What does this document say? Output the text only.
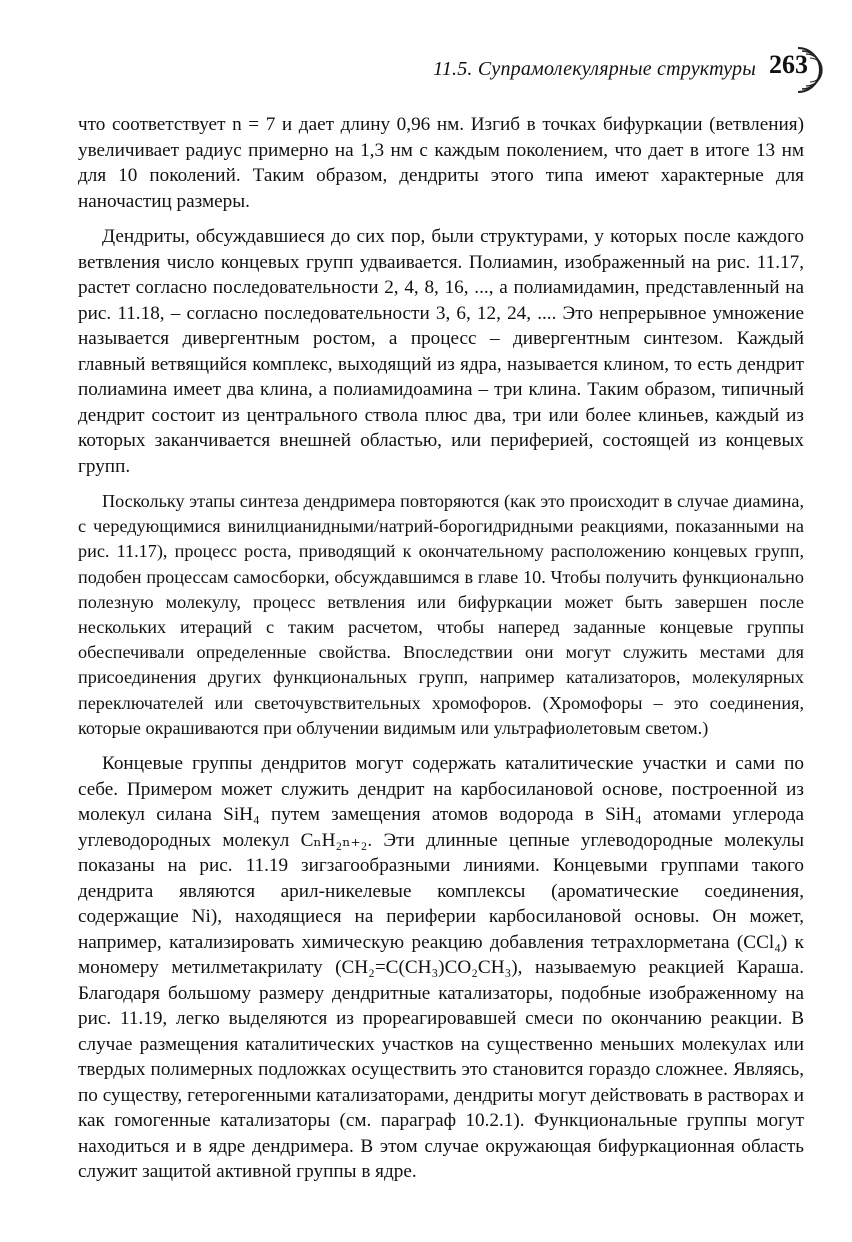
11.5. Супрамолекулярные структуры 263

что соответствует n = 7 и дает длину 0,96 нм. Изгиб в точках бифуркации (ветвления) увеличивает радиус примерно на 1,3 нм с каждым поколением, что дает в итоге 13 нм для 10 поколений. Таким образом, дендриты этого типа имеют характерные для наночастиц размеры.

Дендриты, обсуждавшиеся до сих пор, были структурами, у которых после каждого ветвления число концевых групп удваивается. Полиамин, изображенный на рис. 11.17, растет согласно последовательности 2, 4, 8, 16, ..., а полиамидамин, представленный на рис. 11.18, – согласно последовательности 3, 6, 12, 24, .... Это непрерывное умножение называется дивергентным ростом, а процесс – дивергентным синтезом. Каждый главный ветвящийся комплекс, выходящий из ядра, называется клином, то есть дендрит полиамина имеет два клина, а полиамидоамина – три клина. Таким образом, типичный дендрит состоит из центрального ствола плюс два, три или более клиньев, каждый из которых заканчивается внешней областью, или периферией, состоящей из концевых групп.

Поскольку этапы синтеза дендримера повторяются (как это происходит в случае диамина, с чередующимися винилцианидными/натрий-борогидридными реакциями, показанными на рис. 11.17), процесс роста, приводящий к окончательному расположению концевых групп, подобен процессам самосборки, обсуждавшимся в главе 10. Чтобы получить функционально полезную молекулу, процесс ветвления или бифуркации может быть завершен после нескольких итераций с таким расчетом, чтобы наперед заданные концевые группы обеспечивали определенные свойства. Впоследствии они могут служить местами для присоединения других функциональных групп, например катализаторов, молекулярных переключателей или светочувствительных хромофоров. (Хромофоры – это соединения, которые окрашиваются при облучении видимым или ультрафиолетовым светом.)

Концевые группы дендритов могут содержать каталитические участки и сами по себе. Примером может служить дендрит на карбосилановой основе, построенной из молекул силана SiH₄ путем замещения атомов водорода в SiH₄ атомами углерода углеводородных молекул CₙH₂ₙ₊₂. Эти длинные цепные углеводородные молекулы показаны на рис. 11.19 зигзагообразными линиями. Концевыми группами такого дендрита являются арил-никелевые комплексы (ароматические соединения, содержащие Ni), находящиеся на периферии карбосилановой основы. Он может, например, катализировать химическую реакцию добавления тетрахлорметана (CCl₄) к мономеру метилметакрилату (CH₂=C(CH₃)CO₂CH₃), называемую реакцией Караша. Благодаря большому размеру дендритные катализаторы, подобные изображенному на рис. 11.19, легко выделяются из прореагировавшей смеси по окончанию реакции. В случае размещения каталитических участков на существенно меньших молекулах или твердых полимерных подложках осуществить это становится гораздо сложнее. Являясь, по существу, гетерогенными катализаторами, дендриты могут действовать в растворах и как гомогенные катализаторы (см. параграф 10.2.1). Функциональные группы могут находиться и в ядре дендримера. В этом случае окружающая бифуркационная область служит защитой активной группы в ядре.
